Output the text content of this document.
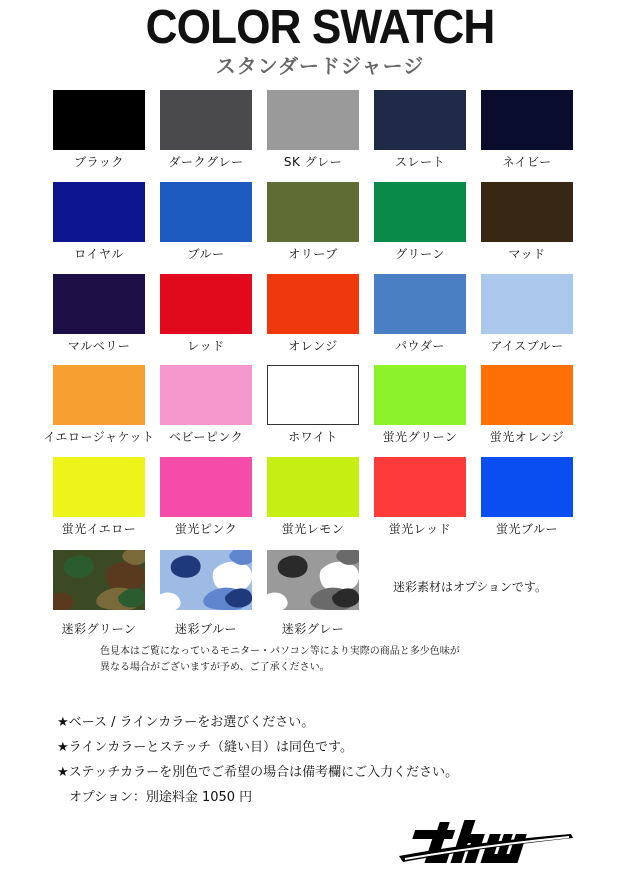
COLOR SWATCH
スタンダードジャージ
ブラック	ダークグレー	SK グレー	スレート	ネイビー
ロイヤル	ブルー	オリーブ	グリーン	マッド
マルベリー	レッド	オレンジ	パウダー	アイスブルー
イエロージャケット	ベビーピンク	ホワイト	蛍光グリーン	蛍光オレンジ
蛍光イエロー	蛍光ピンク	蛍光レモン	蛍光レッド	蛍光ブルー
迷彩グリーン	迷彩ブルー	迷彩グレー
迷彩素材はオプションです。
色見本はご覧になっているモニター・パソコン等により実際の商品と多少色味が
異なる場合がございますが予め、ご了承ください。
★ベース / ラインカラーをお選びください。
★ラインカラーとステッチ（縫い目）は同色です。
★ステッチカラーを別色でご希望の場合は備考欄にご入力ください。
オプション：別途料金 1050 円
